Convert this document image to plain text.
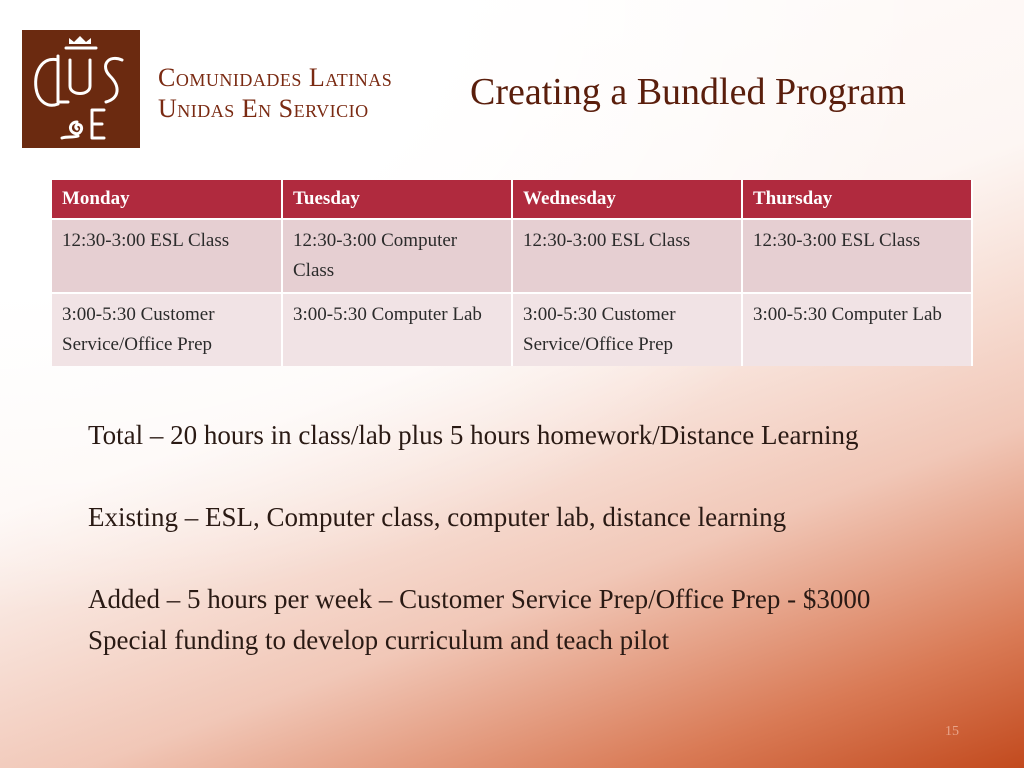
Comunidades Latinas
Unidas En Servicio	Creating a Bundled Program
Monday	Tuesday	Wednesday	Thursday
12:30-3:00 ESL Class	12:30-3:00 Computer Class	12:30-3:00 ESL Class	12:30-3:00 ESL Class
3:00-5:30 Customer Service/Office Prep	3:00-5:30 Computer Lab	3:00-5:30 Customer Service/Office Prep	3:00-5:30 Computer Lab

Total – 20 hours in class/lab plus 5 hours homework/Distance Learning

Existing – ESL, Computer class, computer lab, distance learning

Added – 5 hours per week – Customer Service Prep/Office Prep - $3000 Special funding to develop curriculum and teach pilot

15
